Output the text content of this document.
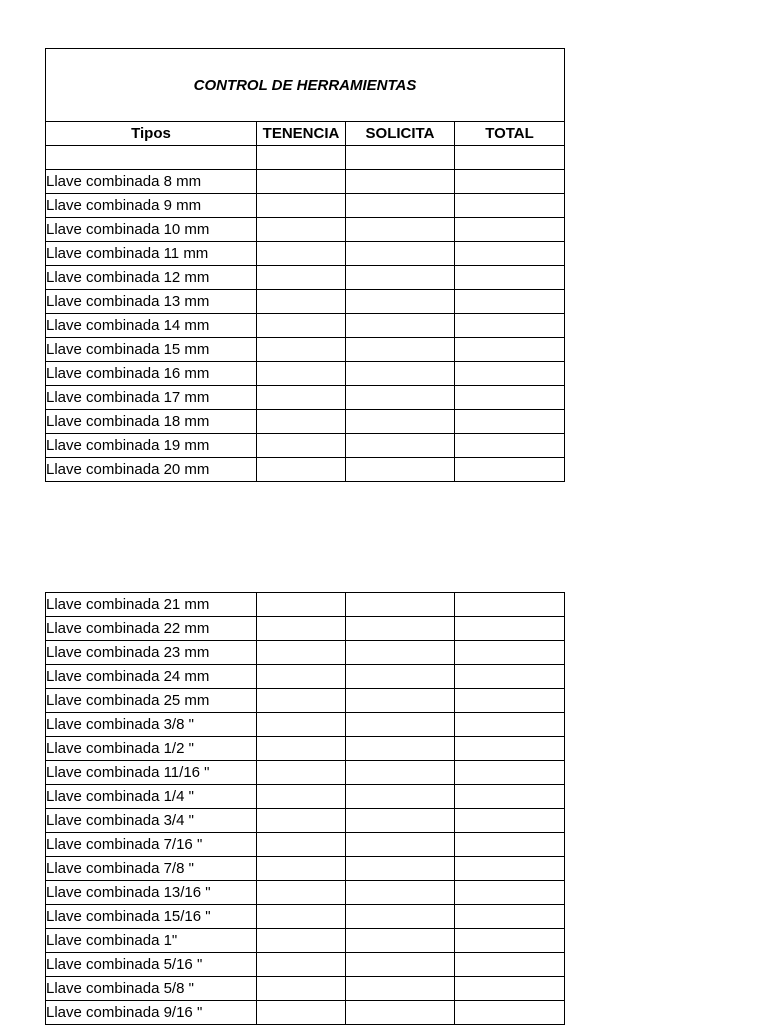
CONTROL DE HERRAMIENTAS			
Tipos	TENENCIA	SOLICITA	TOTAL

Llave combinada 8 mm			
Llave combinada 9 mm			
Llave combinada 10 mm			
Llave combinada 11 mm			
Llave combinada 12 mm			
Llave combinada 13 mm			
Llave combinada 14 mm			
Llave combinada 15 mm			
Llave combinada 16 mm			
Llave combinada 17 mm			
Llave combinada 18 mm			
Llave combinada 19 mm			
Llave combinada 20 mm			
Llave combinada 21 mm			
Llave combinada 22 mm			
Llave combinada 23 mm			
Llave combinada 24 mm			
Llave combinada 25 mm			
Llave combinada 3/8 "			
Llave combinada 1/2 "			
Llave combinada 11/16 "			
Llave combinada 1/4 "			
Llave combinada 3/4 "			
Llave combinada 7/16 "			
Llave combinada 7/8 "			
Llave combinada 13/16 "			
Llave combinada 15/16 "			
Llave combinada 1"			
Llave combinada 5/16 "			
Llave combinada 5/8 "			
Llave combinada 9/16 "			
